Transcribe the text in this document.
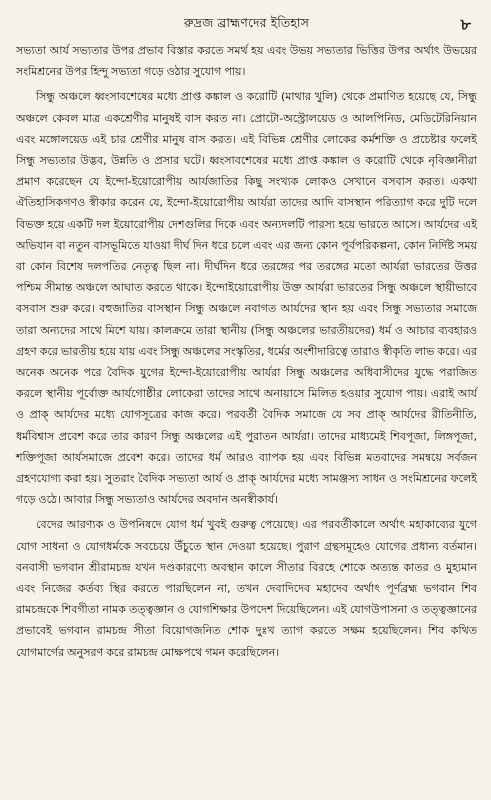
রুদ্রজ ব্রাহ্মণদের ইতিহাস	৮

সভ্যতা আর্য সভ্যতার উপর প্রভাব বিস্তার করতে সমর্থ হয় এবং উভয় সভ্যতার ভিত্তির উপর অর্থাৎ উভয়ের সংমিশ্রনের উপর হিন্দু সভ্যতা গড়ে ওঠার সুযোগ পায়।

সিন্ধু অঞ্চলে ধ্বংসাবশেষের মধ্যে প্রাপ্ত কঙ্কাল ও করোটি (মাথার খুলি) থেকে প্রমাণিত হয়েছে যে, সিন্ধু অঞ্চলে কেবল মাত্র একশ্রেণীর মানুষই বাস করত না। প্রোটো-অস্ট্রোলয়েড ও আলপিনিড, মেডিটেরিনিয়ান এবং মঙ্গোলয়েড এই চার শ্রেণীর মানুষ বাস করত। এই বিভিন্ন শ্রেণীর লোকের কর্মশক্তি ও প্রচেষ্টার ফলেই সিন্ধু সভ্যতার উদ্ভব, উন্নতি ও প্রসার ঘটে। ধ্বংসাবশেষের মধ্যে প্রাপ্ত কঙ্কাল ও করোটি থেকে নৃবিজ্ঞানীরা প্রমাণ করেছেন যে ইন্দো-ইয়োরোপীয় আর্যজাতির কিছু সংখ্যক লোকও সেখানে বসবাস করত। একথা ঐতিহাসিকগণও স্বীকার করেন যে, ইন্দো-ইয়োরোপীয় আর্যরা তাদের আদি বাসস্থান পরিত্যাগ করে দুটি দলে বিভক্ত হয়ে একটি দল ইয়োরোপীয় দেশগুলির দিকে এবং অন্যদলটি পারস্য হয়ে ভারতে আসে। আর্যদের এই অভিযান বা নতুন বাসভূমিতে যাওয়া দীর্ঘ দিন ধরে চলে এবং এর জন্য কোন পূর্বপরিকল্পনা, কোন নির্দিষ্ট সময় বা কোন বিশেষ দলপতির নেতৃত্ব ছিল না। দীর্ঘদিন ধরে তরঙ্গের পর তরঙ্গের মতো আর্যরা ভারতের উত্তর পশ্চিম সীমান্ত অঞ্চলে আঘাত করতে থাকে। ইন্দোইয়োরোপীয় উক্ত আর্যরা ভারতের সিন্ধু অঞ্চলে স্থায়ীভাবে বসবাস শুরু করে। বহুজাতির বাসস্থান সিন্ধু অঞ্চলে নবাগত আর্যদের স্থান হয় এবং সিন্ধু সভ্যতার সমাজে তারা অন্যদের সাথে মিশে যায়। কালক্রমে তারা স্থানীয় (সিন্ধু অঞ্চলের ভারতীয়দের) ধর্ম ও আচার ব্যবহারও গ্রহণ করে ভারতীয় হয়ে যায় এবং সিন্ধু অঞ্চলের সংস্কৃতির, ধর্মের অংশীদারিত্বে তারাও স্বীকৃতি লাভ করে। এর অনেক অনেক পরে বৈদিক যুগের ইন্দো-ইয়োরোপীয় আর্যরা সিন্ধু অঞ্চলের অধিবাসীদের যুদ্ধে পরাজিত করলে স্থানীয় পূর্বোক্ত আর্যগোষ্ঠীর লোকেরা তাদের সাথে অনায়াসে মিলিত হওয়ার সুযোগ পায়। এরাই আর্য ও প্রাক্ আর্যদের মধ্যে যোগসূত্রের কাজ করে। পরবর্তী বৈদিক সমাজে যে সব প্রাক্ আর্যদের রীতিনীতি, ধর্মবিশ্বাস প্রবেশ করে তার কারণ সিন্ধু অঞ্চলের এই পুরাতন আর্যরা। তাদের মাধ্যমেই শিবপূজা, লিঙ্গপূজা, শক্তিপূজা আর্যসমাজে প্রবেশ করে। তাদের ধর্ম আরও ব্যাপক হয় এবং বিভিন্ন মতবাদের সমন্বয়ে সর্বজন গ্রহণযোগ্য করা হয়। সুতরাং বৈদিক সভ্যতা আর্য ও প্রাক্ আর্যদের মধ্যে সামঞ্জস্য সাধন ও সংমিশ্রনের ফলেই গড়ে ওঠে। আবার সিন্ধু সভ্যতাও আর্যদের অবদান অনস্বীকার্য।

বেদের আরণ্যক ও উপনিষদে যোগ ধর্ম খুবই গুরুত্ব পেয়েছে। এর পরবর্তীকালে অর্থাৎ মহাকাব্যের যুগে যোগ সাধনা ও যোগধর্মকে সবচেয়ে উঁচুতে স্থান দেওয়া হয়েছে। পুরাণ গ্রন্থসমূহেও যোগের প্রধান্য বর্তমান। বনবাসী ভগবান শ্রীরামচন্দ্র যখন দণ্ডকারণ্যে অবস্থান কালে সীতার বিরহে শোকে অত্যন্ত কাতর ও মুহ্যমান এবং নিজের কর্তব্য স্থির করতে পারছিলেন না, তখন দেবাদিদেব মহাদেব অর্থাৎ পূর্ণব্রহ্ম ভগবান শিব রামচন্দ্রকে শিবগীতা নামক তত্ত্বজ্ঞান ও যোগশিক্ষার উপদেশ দিয়েছিলেন। এই যোগউপাসনা ও তত্ত্বজ্ঞানের প্রভাবেই ভগবান রামচন্দ্র সীতা বিয়োগজনিত শোক দুঃখ ত্যাগ করতে সক্ষম হয়েছিলেন। শিব কথিত যোগমার্গের অনুসরণ করে রামচন্দ্র মোক্ষপথে গমন করেছিলেন।
